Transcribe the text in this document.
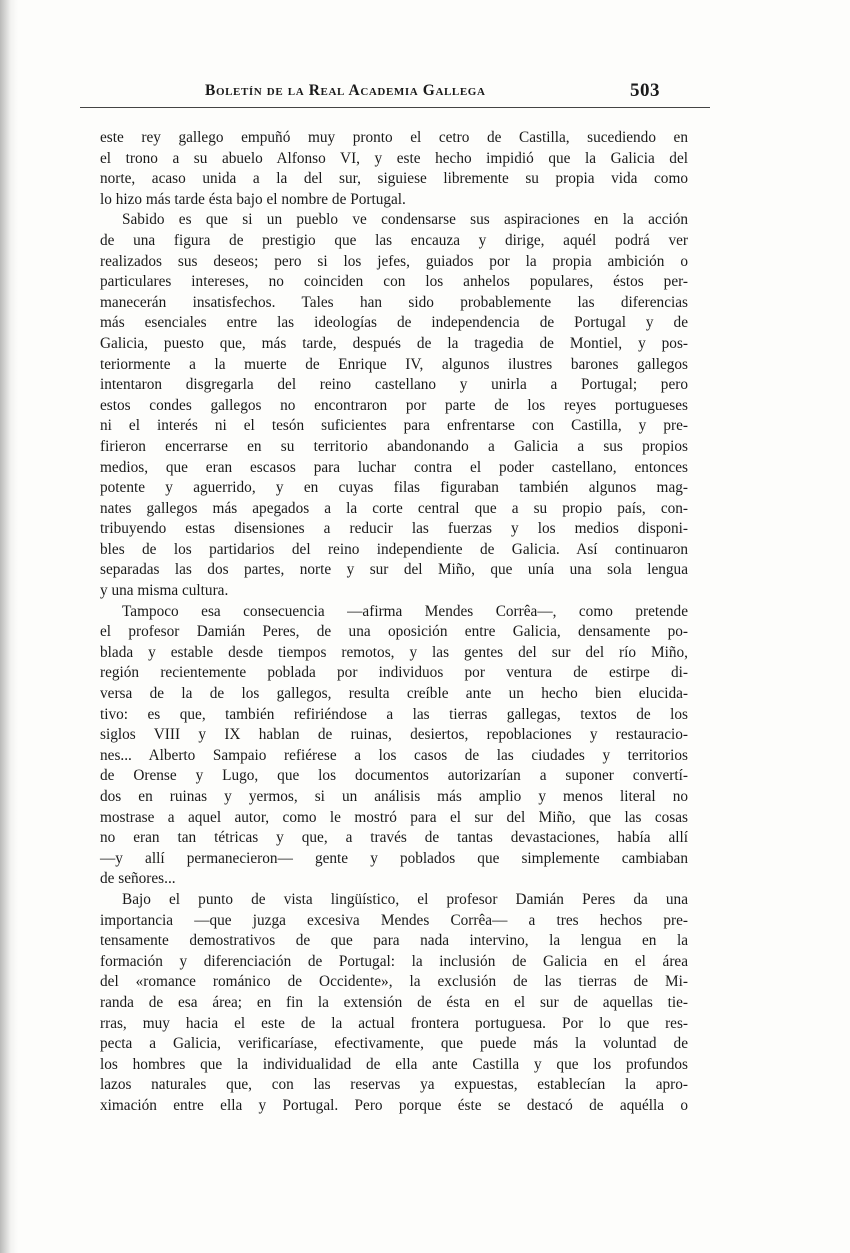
Boletín de la Real Academia Gallega	503
este rey gallego empuñó muy pronto el cetro de Castilla, sucediendo en
el trono a su abuelo Alfonso VI, y este hecho impidió que la Galicia del
norte, acaso unida a la del sur, siguiese libremente su propia vida como
lo hizo más tarde ésta bajo el nombre de Portugal.
Sabido es que si un pueblo ve condensarse sus aspiraciones en la acción
de una figura de prestigio que las encauza y dirige, aquél podrá ver
realizados sus deseos; pero si los jefes, guiados por la propia ambición o
particulares intereses, no coinciden con los anhelos populares, éstos per-
manecerán insatisfechos. Tales han sido probablemente las diferencias
más esenciales entre las ideologías de independencia de Portugal y de
Galicia, puesto que, más tarde, después de la tragedia de Montiel, y pos-
teriormente a la muerte de Enrique IV, algunos ilustres barones gallegos
intentaron disgregarla del reino castellano y unirla a Portugal; pero
estos condes gallegos no encontraron por parte de los reyes portugueses
ni el interés ni el tesón suficientes para enfrentarse con Castilla, y pre-
firieron encerrarse en su territorio abandonando a Galicia a sus propios
medios, que eran escasos para luchar contra el poder castellano, entonces
potente y aguerrido, y en cuyas filas figuraban también algunos mag-
nates gallegos más apegados a la corte central que a su propio país, con-
tribuyendo estas disensiones a reducir las fuerzas y los medios disponi-
bles de los partidarios del reino independiente de Galicia. Así continuaron
separadas las dos partes, norte y sur del Miño, que unía una sola lengua
y una misma cultura.
Tampoco esa consecuencia —afirma Mendes Corrêa—, como pretende
el profesor Damián Peres, de una oposición entre Galicia, densamente po-
blada y estable desde tiempos remotos, y las gentes del sur del río Miño,
región recientemente poblada por individuos por ventura de estirpe di-
versa de la de los gallegos, resulta creíble ante un hecho bien elucida-
tivo: es que, también refiriéndose a las tierras gallegas, textos de los
siglos VIII y IX hablan de ruinas, desiertos, repoblaciones y restauracio-
nes... Alberto Sampaio refiérese a los casos de las ciudades y territorios
de Orense y Lugo, que los documentos autorizarían a suponer convertí-
dos en ruinas y yermos, si un análisis más amplio y menos literal no
mostrase a aquel autor, como le mostró para el sur del Miño, que las cosas
no eran tan tétricas y que, a través de tantas devastaciones, había allí
—y allí permanecieron— gente y poblados que simplemente cambiaban
de señores...
Bajo el punto de vista lingüístico, el profesor Damián Peres da una
importancia —que juzga excesiva Mendes Corrêa— a tres hechos pre-
tensamente demostrativos de que para nada intervino, la lengua en la
formación y diferenciación de Portugal: la inclusión de Galicia en el área
del «romance románico de Occidente», la exclusión de las tierras de Mi-
randa de esa área; en fin la extensión de ésta en el sur de aquellas tie-
rras, muy hacia el este de la actual frontera portuguesa. Por lo que res-
pecta a Galicia, verificaríase, efectivamente, que puede más la voluntad de
los hombres que la individualidad de ella ante Castilla y que los profundos
lazos naturales que, con las reservas ya expuestas, establecían la apro-
ximación entre ella y Portugal. Pero porque éste se destacó de aquélla o
